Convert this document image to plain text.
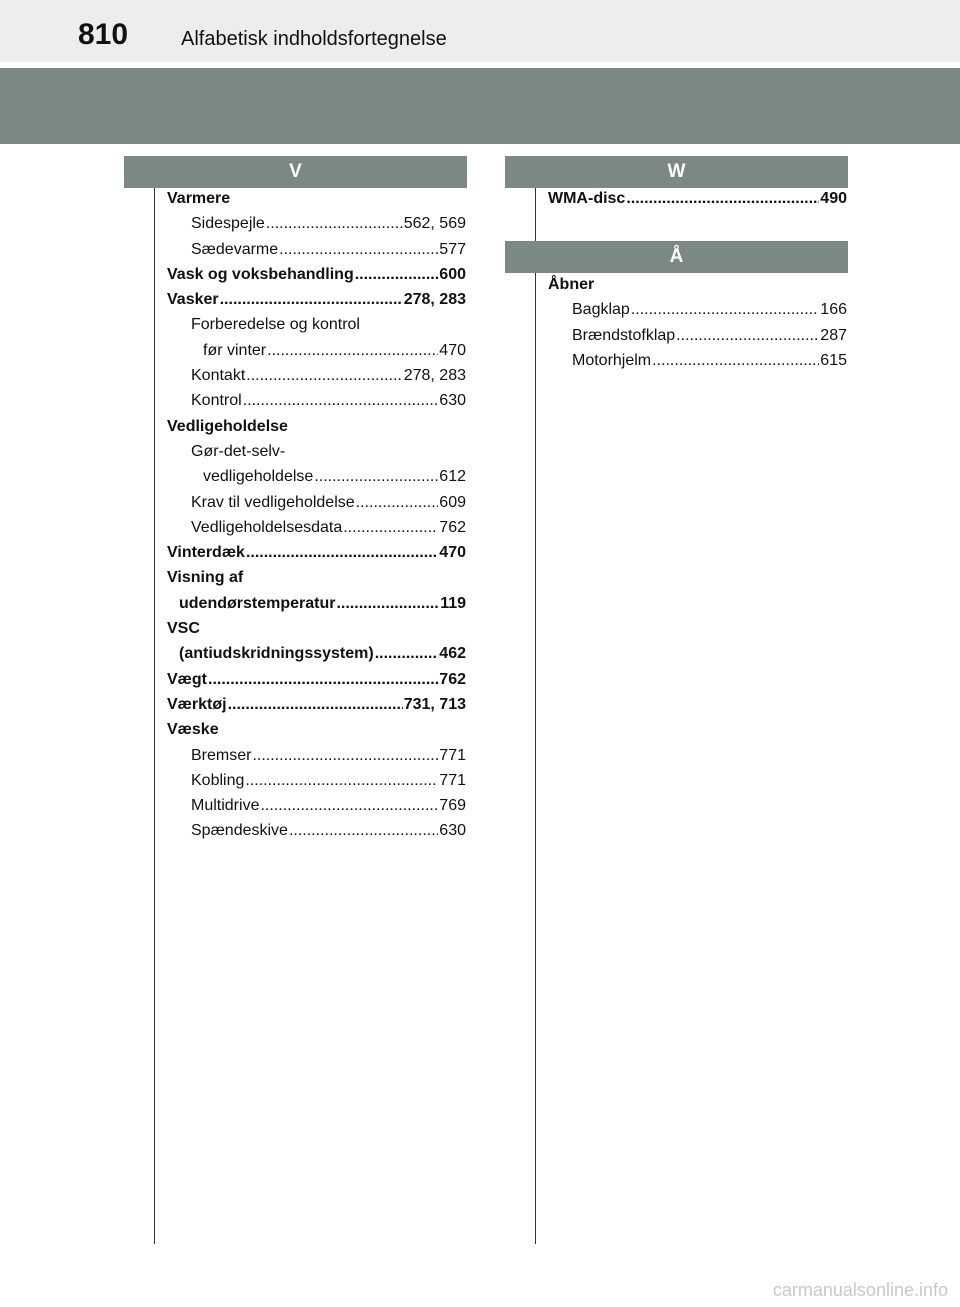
810	Alfabetisk indholdsfortegnelse
V
Varmere
Sidespejle .....	562, 569
Sædevarme .....	577
Vask og voksbehandling .....	600
Vasker .....	278, 283
Forberedelse og kontrol
før vinter .....	470
Kontakt .....	278, 283
Kontrol .....	630
Vedligeholdelse
Gør-det-selv-
vedligeholdelse .....	612
Krav til vedligeholdelse .....	609
Vedligeholdelsesdata .....	762
Vinterdæk .....	470
Visning af
udendørstemperatur .....	119
VSC
(antiudskridningssystem) .....	462
Vægt .....	762
Værktøj .....	731, 713
Væske
Bremser .....	771
Kobling .....	771
Multidrive .....	769
Spændeskive .....	630
W
WMA-disc .....	490
Å
Åbner
Bagklap .....	166
Brændstofklap .....	287
Motorhjelm .....	615
carmanualsonline.info
